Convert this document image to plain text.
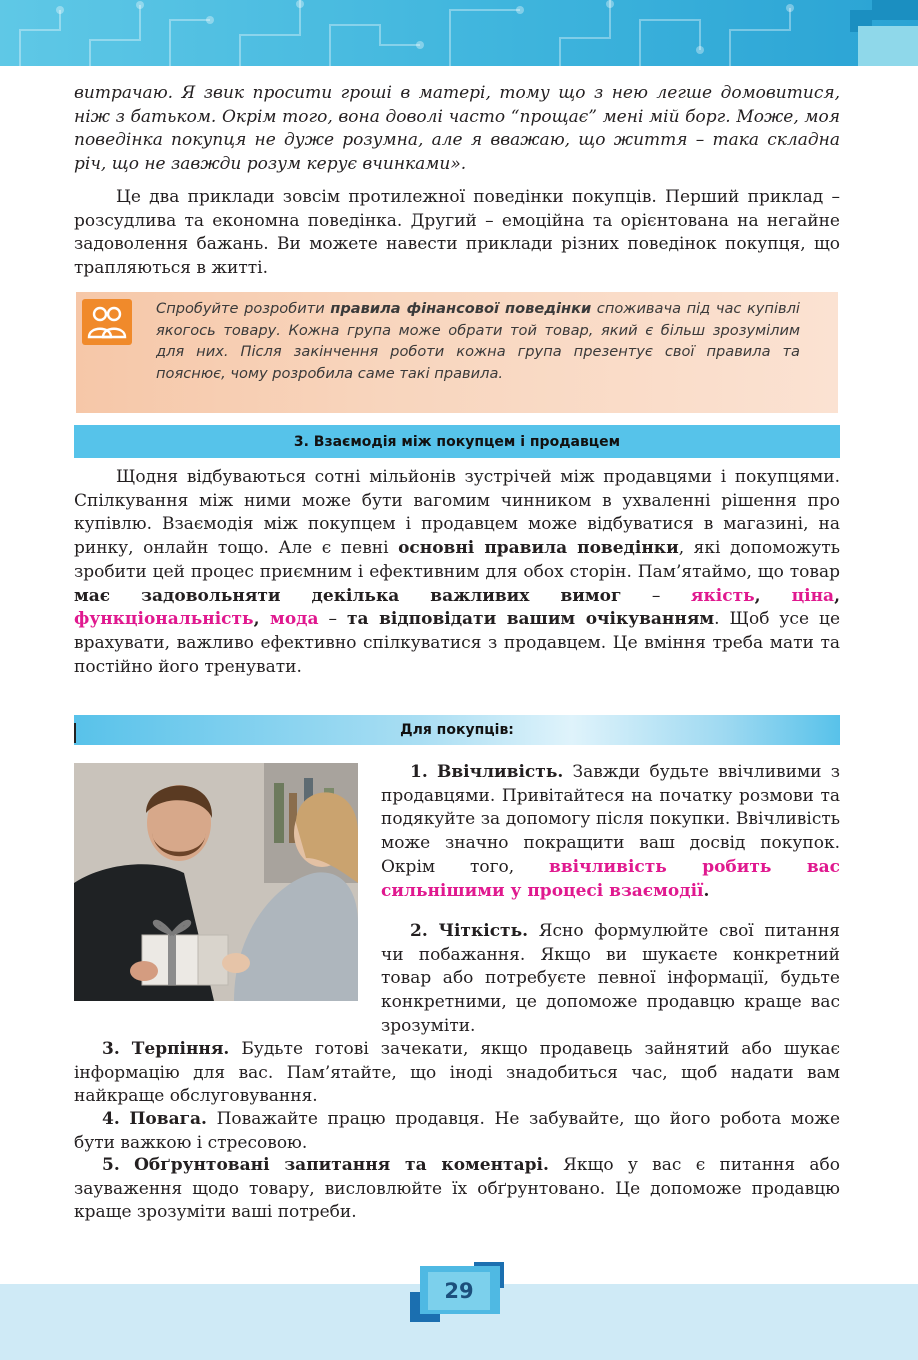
витрачаю. Я звик просити гроші в матері, тому що з нею легше домовитися, ніж з батьком. Окрім того, вона доволі часто “прощає” мені мій борг. Може, моя поведінка покупця не дуже розумна, але я вважаю, що життя – така складна річ, що не завжди розум керує вчинками».

Це два приклади зовсім протилежної поведінки покупців. Перший приклад – розсудлива та економна поведінка. Другий – емоційна та орієнтована на негайне задоволення бажань. Ви можете навести приклади різних поведінок покупця, що трапляються в житті.

Спробуйте розробити правила фінансової поведінки споживача під час купівлі якогось товару. Кожна група може обрати той товар, який є більш зрозумілим для них. Після закінчення роботи кожна група презентує свої правила та пояснює, чому розробила саме такі правила.

3. Взаємодія між покупцем і продавцем

Щодня відбуваються сотні мільйонів зустрічей між продавцями і покупцями. Спілкування між ними може бути вагомим чинником в ухваленні рішення про купівлю. Взаємодія між покупцем і продавцем може відбуватися в магазині, на ринку, онлайн тощо. Але є певні основні правила поведінки, які допоможуть зробити цей процес приємним і ефективним для обох сторін. Пам’ятаймо, що товар має задовольняти декілька важливих вимог – якість, ціна, функціональність, мода – та відповідати вашим очікуванням. Щоб усе це врахувати, важливо ефективно спілкуватися з продавцем. Це вміння треба мати та постійно його тренувати.

Для покупців:

1. Ввічливість. Завжди будьте ввічливими з продавцями. Привітайтеся на початку розмови та подякуйте за допомогу після покупки. Ввічливість може значно покращити ваш досвід покупок. Окрім того, ввічливість робить вас сильнішими у процесі взаємодії.

2. Чіткість. Ясно формулюйте свої питання чи побажання. Якщо ви шукаєте конкретний товар або потребуєте певної інформації, будьте конкретними, це допоможе продавцю краще вас зрозуміти.

3. Терпіння. Будьте готові зачекати, якщо продавець зайнятий або шукає інформацію для вас. Пам’ятайте, що іноді знадобиться час, щоб надати вам найкраще обслуговування.

4. Повага. Поважайте працю продавця. Не забувайте, що його робота може бути важкою і стресовою.

5. Обґрунтовані запитання та коментарі. Якщо у вас є питання або зауваження щодо товару, висловлюйте їх обґрунтовано. Це допоможе продавцю краще зрозуміти ваші потреби.

29
